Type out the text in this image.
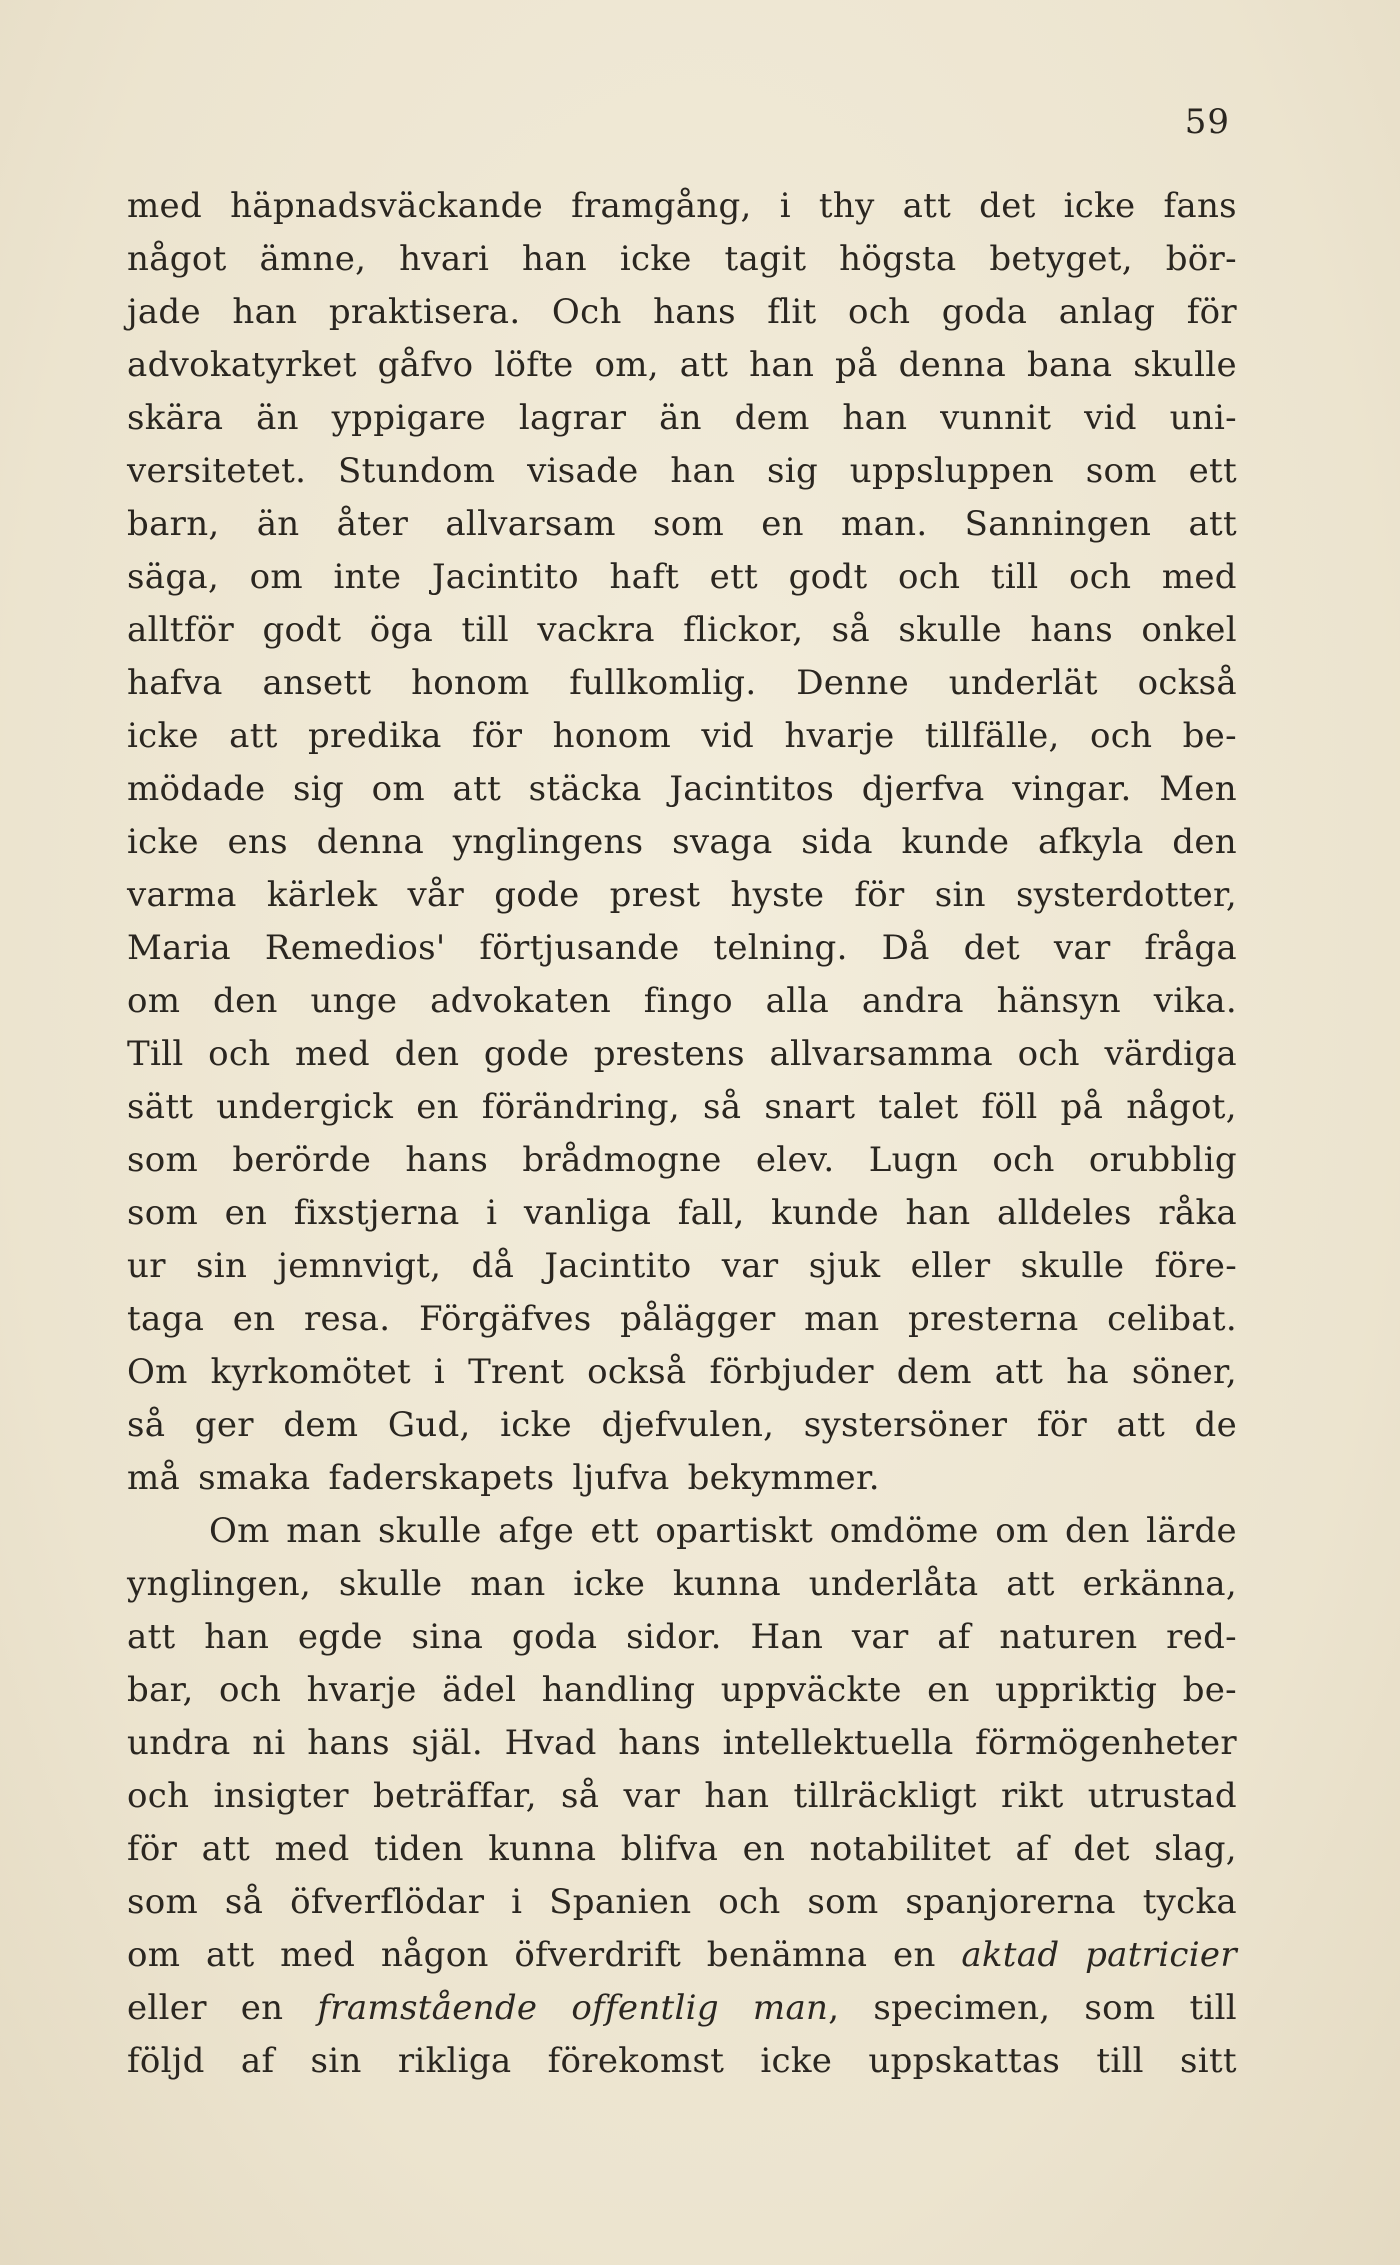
59
med häpnadsväckande framgång, i thy att det icke fans
något ämne, hvari han icke tagit högsta betyget, bör-
jade han praktisera. Och hans flit och goda anlag för
advokatyrket gåfvo löfte om, att han på denna bana skulle
skära än yppigare lagrar än dem han vunnit vid uni-
versitetet. Stundom visade han sig uppsluppen som ett
barn, än åter allvarsam som en man. Sanningen att
säga, om inte Jacintito haft ett godt och till och med
alltför godt öga till vackra flickor, så skulle hans onkel
hafva ansett honom fullkomlig. Denne underlät också
icke att predika för honom vid hvarje tillfälle, och be-
mödade sig om att stäcka Jacintitos djerfva vingar. Men
icke ens denna ynglingens svaga sida kunde afkyla den
varma kärlek vår gode prest hyste för sin systerdotter,
Maria Remedios' förtjusande telning. Då det var fråga
om den unge advokaten fingo alla andra hänsyn vika.
Till och med den gode prestens allvarsamma och värdiga
sätt undergick en förändring, så snart talet föll på något,
som berörde hans brådmogne elev. Lugn och orubblig
som en fixstjerna i vanliga fall, kunde han alldeles råka
ur sin jemnvigt, då Jacintito var sjuk eller skulle före-
taga en resa. Förgäfves pålägger man presterna celibat.
Om kyrkomötet i Trent också förbjuder dem att ha söner,
så ger dem Gud, icke djefvulen, systersöner för att de
må smaka faderskapets ljufva bekymmer.
Om man skulle afge ett opartiskt omdöme om den lärde
ynglingen, skulle man icke kunna underlåta att erkänna,
att han egde sina goda sidor. Han var af naturen red-
bar, och hvarje ädel handling uppväckte en uppriktig be-
undra ni hans själ. Hvad hans intellektuella förmögenheter
och insigter beträffar, så var han tillräckligt rikt utrustad
för att med tiden kunna blifva en notabilitet af det slag,
som så öfverflödar i Spanien och som spanjorerna tycka
om att med någon öfverdrift benämna en aktad patricier
eller en framstående offentlig man, specimen, som till
följd af sin rikliga förekomst icke uppskattas till sitt
